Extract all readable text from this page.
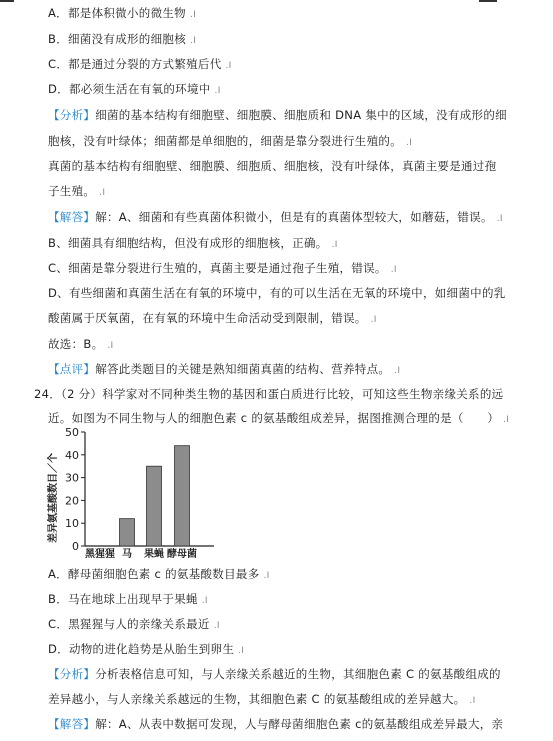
A．都是体积微小的微生物 .I
B．细菌没有成形的细胞核 .I
C．都是通过分裂的方式繁殖后代 .I
D．都必须生活在有氧的环境中 .I
【分析】细菌的基本结构有细胞壁、细胞膜、细胞质和 DNA 集中的区域，没有成形的细
胞核，没有叶绿体；细菌都是单细胞的，细菌是靠分裂进行生殖的。 .I
真菌的基本结构有细胞壁、细胞膜、细胞质、细胞核，没有叶绿体，真菌主要是通过孢
子生殖。 .I
【解答】解：A、细菌和有些真菌体积微小，但是有的真菌体型较大，如蘑菇，错误。 .I
B、细菌具有细胞结构，但没有成形的细胞核，正确。 .I
C、细菌是靠分裂进行生殖的，真菌主要是通过孢子生殖，错误。 .I
D、有些细菌和真菌生活在有氧的环境中，有的可以生活在无氧的环境中，如细菌中的乳
酸菌属于厌氧菌，在有氧的环境中生命活动受到限制，错误。 .I
故选：B。 .I
【点评】解答此类题目的关键是熟知细菌真菌的结构、营养特点。 .I
24．（2 分）科学家对不同种类生物的基因和蛋白质进行比较，可知这些生物亲缘关系的远
近。如图为不同生物与人的细胞色素 c 的氨基酸组成差异，据图推测合理的是（　　） .I
差异氨基酸数目／个
0
10
20
30
40
50
黑猩猩 马 果蝇 酵母菌
A．酵母菌细胞色素 c 的氨基酸数目最多 .I
B．马在地球上出现早于果蝇 .I
C．黑猩猩与人的亲缘关系最近 .I
D．动物的进化趋势是从胎生到卵生 .I
【分析】分析表格信息可知，与人亲缘关系越近的生物，其细胞色素 C 的氨基酸组成的
差异越小，与人亲缘关系越远的生物，其细胞色素 C 的氨基酸组成的差异越大。 .I
【解答】解：A、从表中数据可发现，人与酵母菌细胞色素 c的氨基酸组成差异最大，亲
